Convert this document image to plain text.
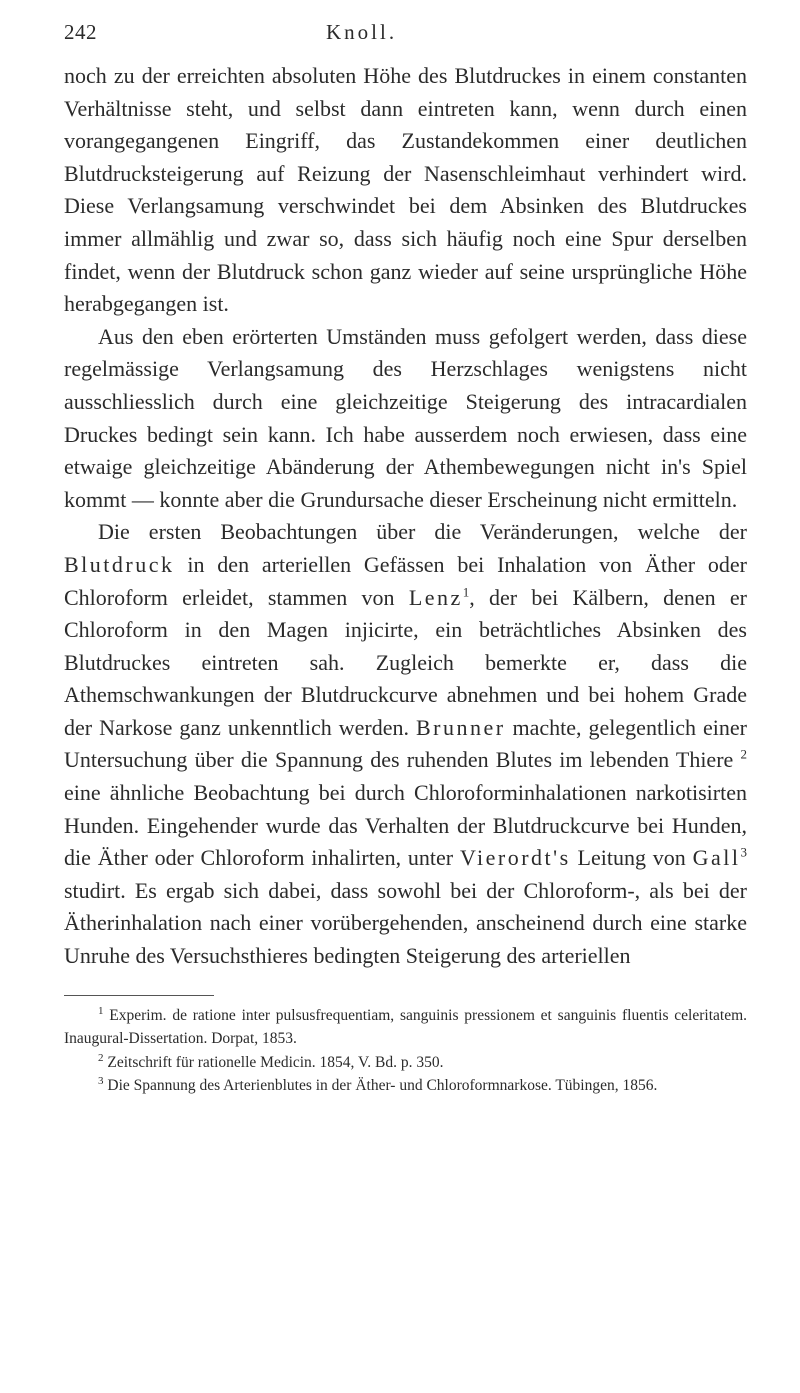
242	Knoll.

noch zu der erreichten absoluten Höhe des Blutdruckes in einem constanten Verhältnisse steht, und selbst dann eintreten kann, wenn durch einen vorangegangenen Eingriff, das Zustandekommen einer deutlichen Blutdrucksteigerung auf Reizung der Nasenschleimhaut verhindert wird. Diese Verlangsamung verschwindet bei dem Absinken des Blutdruckes immer allmählig und zwar so, dass sich häufig noch eine Spur derselben findet, wenn der Blutdruck schon ganz wieder auf seine ursprüngliche Höhe herabgegangen ist.

Aus den eben erörterten Umständen muss gefolgert werden, dass diese regelmässige Verlangsamung des Herzschlages wenigstens nicht ausschliesslich durch eine gleichzeitige Steigerung des intracardialen Druckes bedingt sein kann. Ich habe ausserdem noch erwiesen, dass eine etwaige gleichzeitige Abänderung der Athembewegungen nicht in's Spiel kommt — konnte aber die Grundursache dieser Erscheinung nicht ermitteln.

Die ersten Beobachtungen über die Veränderungen, welche der Blutdruck in den arteriellen Gefässen bei Inhalation von Äther oder Chloroform erleidet, stammen von Lenz$^1$, der bei Kälbern, denen er Chloroform in den Magen injicirte, ein beträchtliches Absinken des Blutdruckes eintreten sah. Zugleich bemerkte er, dass die Athemschwankungen der Blutdruckcurve abnehmen und bei hohem Grade der Narkose ganz unkenntlich werden. Brunner machte, gelegentlich einer Untersuchung über die Spannung des ruhenden Blutes im lebenden Thiere $^2$ eine ähnliche Beobachtung bei durch Chloroforminhalationen narkotisirten Hunden. Eingehender wurde das Verhalten der Blutdruckcurve bei Hunden, die Äther oder Chloroform inhalirten, unter Vierordt's Leitung von Gall$^3$ studirt. Es ergab sich dabei, dass sowohl bei der Chloroform-, als bei der Ätherinhalation nach einer vorübergehenden, anscheinend durch eine starke Unruhe des Versuchsthieres bedingten Steigerung des arteriellen

$^1$ Experim. de ratione inter pulsusfrequentiam, sanguinis pressionem et sanguinis fluentis celeritatem. Inaugural-Dissertation. Dorpat, 1853.

$^2$ Zeitschrift für rationelle Medicin. 1854, V. Bd. p. 350.

$^3$ Die Spannung des Arterienblutes in der Äther- und Chloroformnarkose. Tübingen, 1856.
